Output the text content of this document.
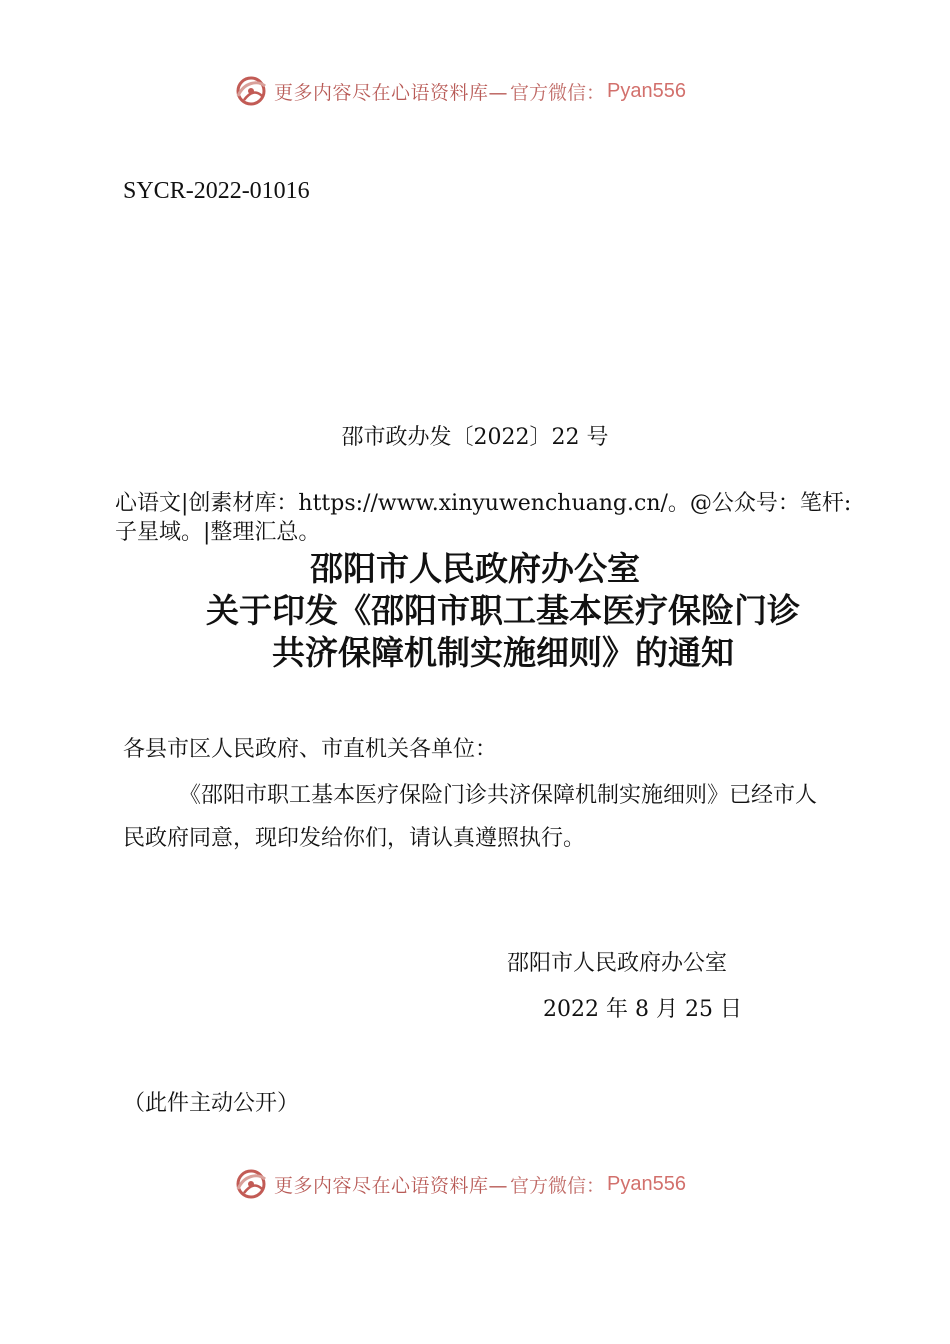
更多内容尽在心语资料库— 官方微信： Pyan556
SYCR-2022-01016
邵市政办发〔2022〕22 号
心语文|创素材库：https://www.xinyuwenchuang.cn/。@公众号：笔杆:子星域。|整理汇总。
邵阳市人民政府办公室
关于印发《邵阳市职工基本医疗保险门诊
共济保障机制实施细则》的通知
各县市区人民政府、市直机关各单位：
《邵阳市职工基本医疗保险门诊共济保障机制实施细则》已经市人民政府同意，现印发给你们，请认真遵照执行。
邵阳市人民政府办公室
2022 年 8 月 25 日
（此件主动公开）
更多内容尽在心语资料库— 官方微信： Pyan556
